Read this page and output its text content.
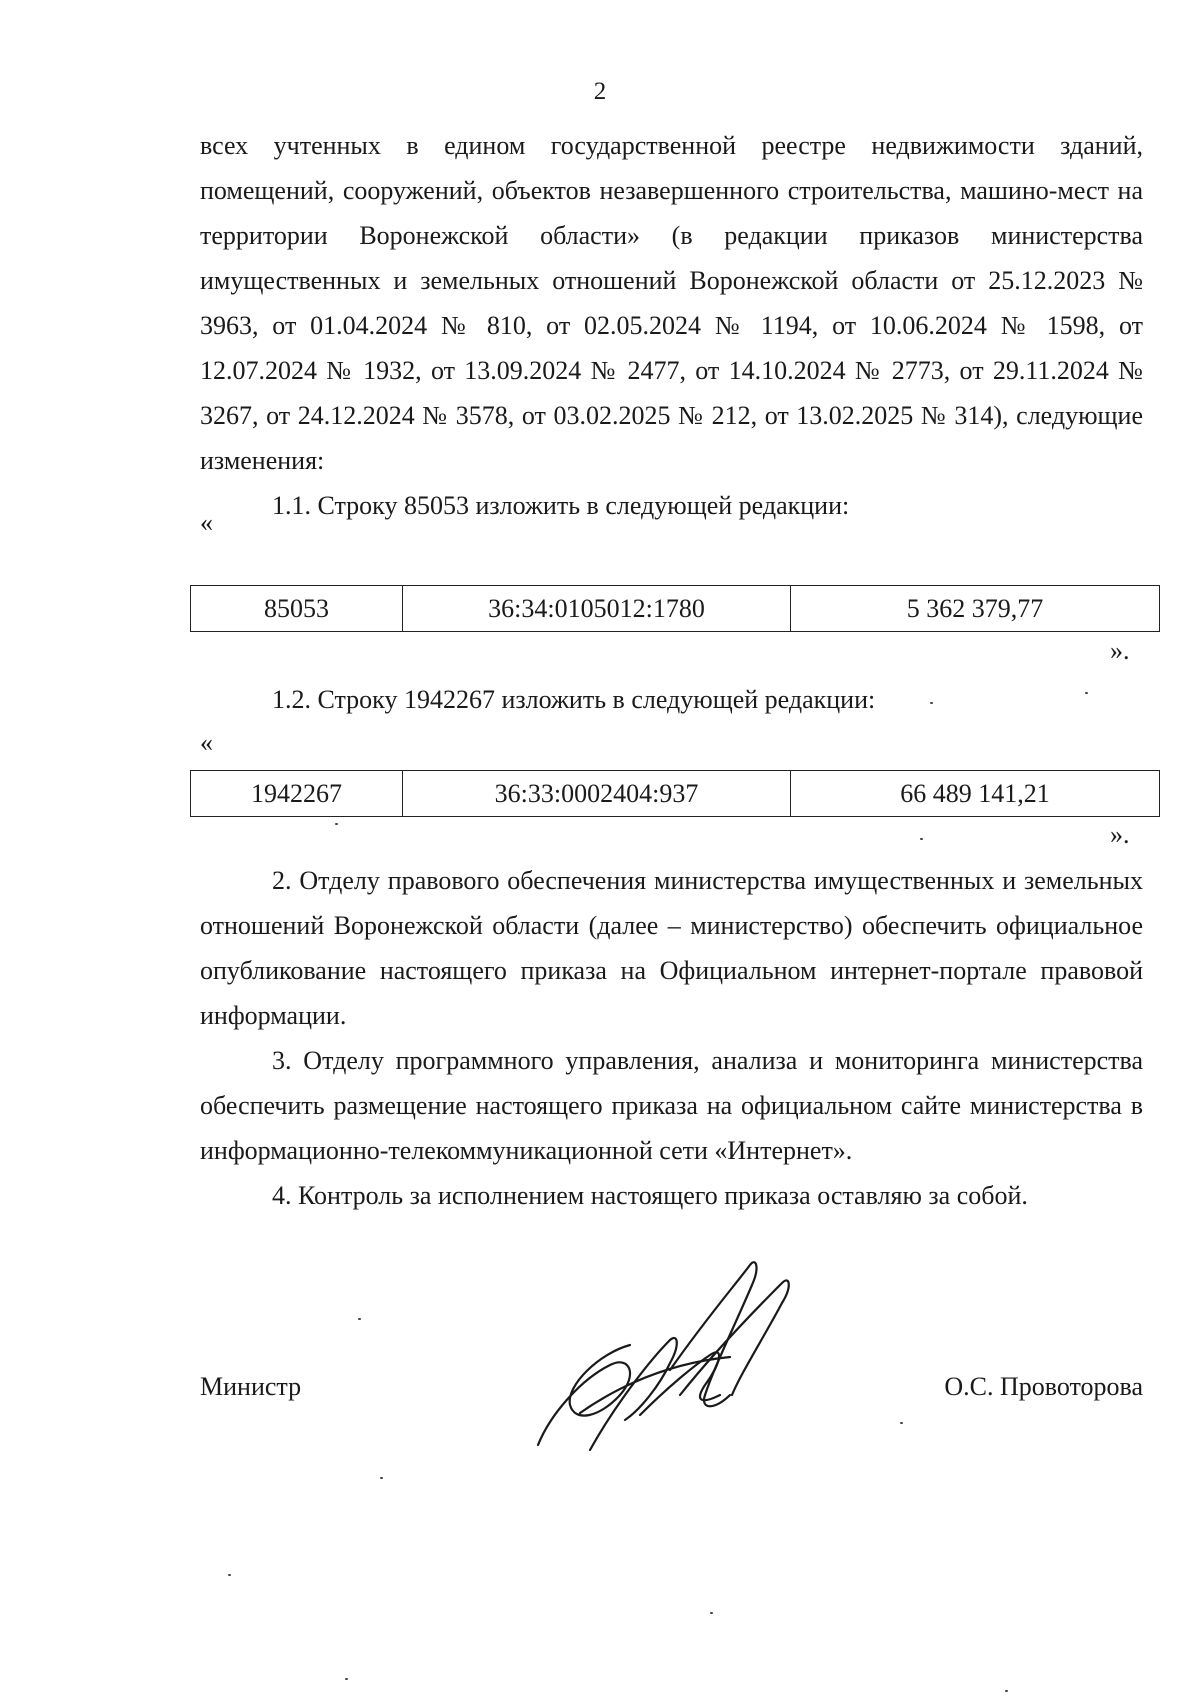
2

всех учтенных в едином государственной реестре недвижимости зданий, помещений, сооружений, объектов незавершенного строительства, машино-мест на территории Воронежской области» (в редакции приказов министерства имущественных и земельных отношений Воронежской области от 25.12.2023 № 3963, от 01.04.2024 № 810, от 02.05.2024 № 1194, от 10.06.2024 № 1598, от 12.07.2024 № 1932, от 13.09.2024 № 2477, от 14.10.2024 № 2773, от 29.11.2024 № 3267, от 24.12.2024 № 3578, от 03.02.2025 № 212, от 13.02.2025 № 314), следующие изменения:

1.1. Строку 85053 изложить в следующей редакции:

«
85053	36:34:0105012:1780	5 362 379,77
».

1.2. Строку 1942267 изложить в следующей редакции:

«
1942267	36:33:0002404:937	66 489 141,21
».

2. Отделу правового обеспечения министерства имущественных и земельных отношений Воронежской области (далее – министерство) обеспечить официальное опубликование настоящего приказа на Официальном интернет-портале правовой информации.

3. Отделу программного управления, анализа и мониторинга министерства обеспечить размещение настоящего приказа на официальном сайте министерства в информационно-телекоммуникационной сети «Интернет».

4. Контроль за исполнением настоящего приказа оставляю за собой.

Министр	О.С. Провоторова
